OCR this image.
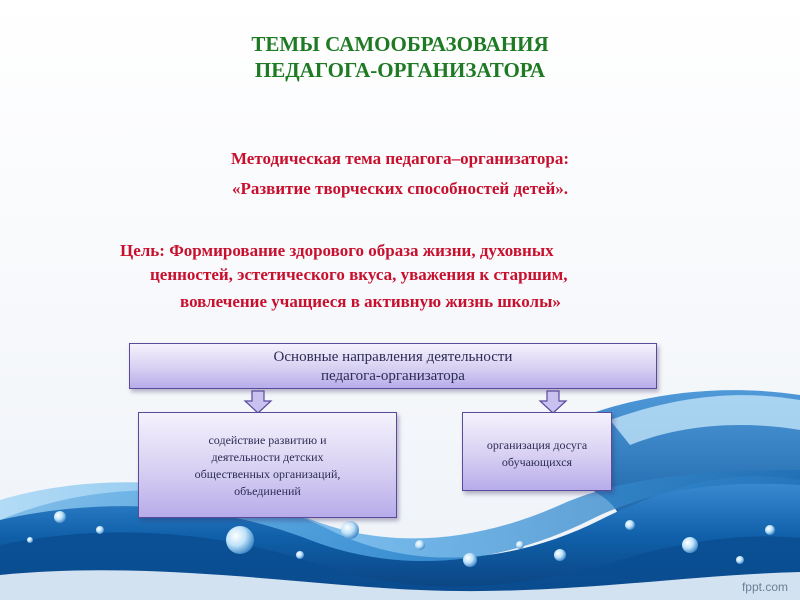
ТЕМЫ САМООБРАЗОВАНИЯ
ПЕДАГОГА-ОРГАНИЗАТОРА
Методическая тема педагога–организатора:
«Развитие творческих способностей детей».
Цель: Формирование здорового образа жизни, духовных
ценностей, эстетического вкуса, уважения к старшим,
вовлечение учащиеся в активную жизнь школы»
Основные направления деятельности
педагога-организатора
содействие развитию и
деятельности детских
общественных организаций,
объединений
организация досуга
обучающихся
fppt.com
